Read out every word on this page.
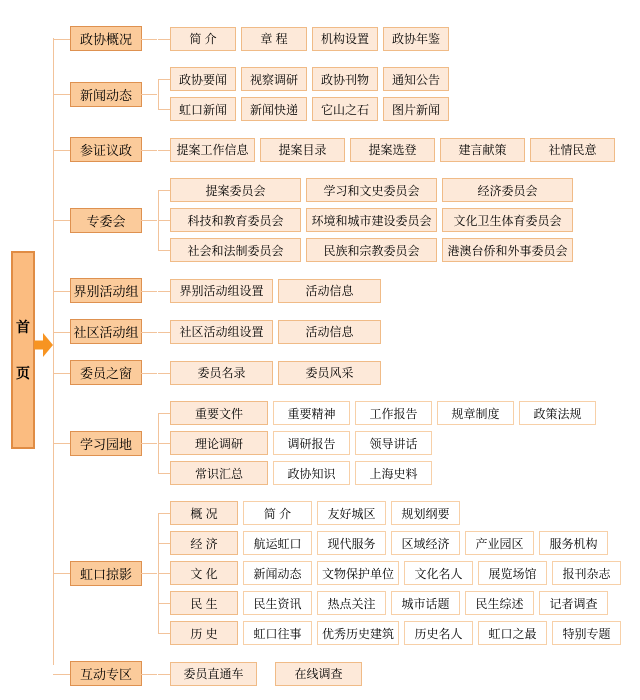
首
页
政协概况	简 介	章 程	机构设置	政协年鉴
新闻动态
政协要闻	视察调研	政协刊物	通知公告
虹口新闻	新闻快递	它山之石	图片新闻
参证议政	提案工作信息	提案目录	提案选登	建言献策	社情民意
专委会
提案委员会	学习和文史委员会	经济委员会
科技和教育委员会	环境和城市建设委员会	文化卫生体育委员会
社会和法制委员会	民族和宗教委员会	港澳台侨和外事委员会
界别活动组	界别活动组设置	活动信息
社区活动组	社区活动组设置	活动信息
委员之窗	委员名录	委员风采
学习园地
重要文件	重要精神	工作报告	规章制度	政策法规
理论调研	调研报告	领导讲话
常识汇总	政协知识	上海史料
虹口掠影
概 况	简 介	友好城区	规划纲要
经 济	航运虹口	现代服务	区域经济	产业园区	服务机构
文 化	新闻动态	文物保护单位	文化名人	展览场馆	报刊杂志
民 生	民生资讯	热点关注	城市话题	民生综述	记者调查
历 史	虹口往事	优秀历史建筑	历史名人	虹口之最	特别专题
互动专区	委员直通车	在线调查
